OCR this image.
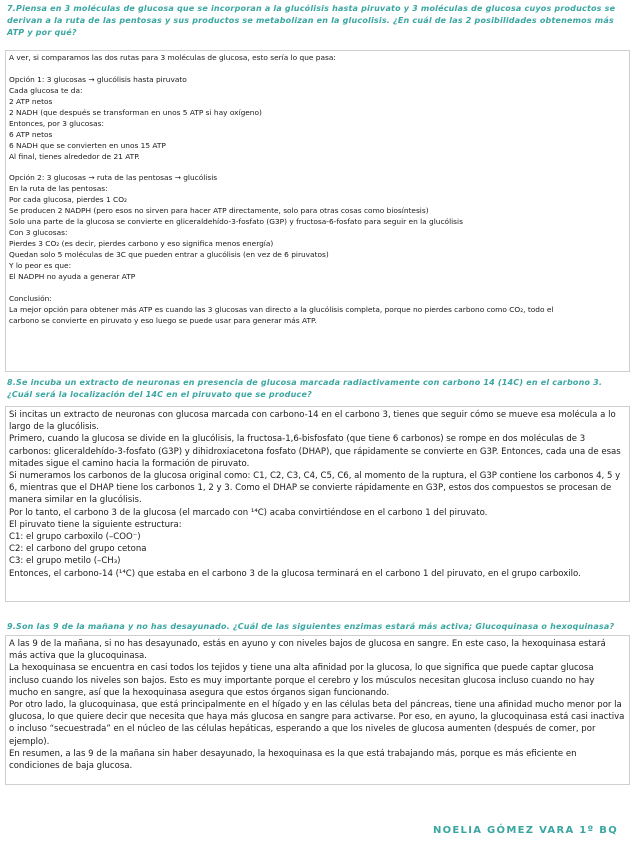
7.Piensa en 3 moléculas de glucosa que se incorporan a la glucólisis hasta piruvato y 3 moléculas de glucosa cuyos productos se derivan a la ruta de las pentosas y sus productos se metabolizan en la glucolisis. ¿En cuál de las 2 posibilidades obtenemos más ATP y por qué?

A ver, si comparamos las dos rutas para 3 moléculas de glucosa, esto sería lo que pasa:

Opción 1: 3 glucosas → glucólisis hasta piruvato
Cada glucosa te da:
2 ATP netos
2 NADH (que después se transforman en unos 5 ATP si hay oxígeno)
Entonces, por 3 glucosas:
6 ATP netos
6 NADH que se convierten en unos 15 ATP
Al final, tienes alrededor de 21 ATP.

Opción 2: 3 glucosas → ruta de las pentosas → glucólisis
En la ruta de las pentosas:
Por cada glucosa, pierdes 1 CO₂
Se producen 2 NADPH (pero esos no sirven para hacer ATP directamente, solo para otras cosas como biosíntesis)
Solo una parte de la glucosa se convierte en gliceraldehído-3-fosfato (G3P) y fructosa-6-fosfato para seguir en la glucólisis
Con 3 glucosas:
Pierdes 3 CO₂ (es decir, pierdes carbono y eso significa menos energía)
Quedan solo 5 moléculas de 3C que pueden entrar a glucólisis (en vez de 6 piruvatos)
Y lo peor es que:
El NADPH no ayuda a generar ATP

Conclusión:
La mejor opción para obtener más ATP es cuando las 3 glucosas van directo a la glucólisis completa, porque no pierdes carbono como CO₂, todo el
carbono se convierte en piruvato y eso luego se puede usar para generar más ATP.

8.Se incuba un extracto de neuronas en presencia de glucosa marcada radiactivamente con carbono 14 (14C) en el carbono 3. ¿Cuál será la localización del 14C en el piruvato que se produce?

Si incitas un extracto de neuronas con glucosa marcada con carbono-14 en el carbono 3, tienes que seguir cómo se mueve esa molécula a lo largo de la glucólisis.
Primero, cuando la glucosa se divide en la glucólisis, la fructosa-1,6-bisfosfato (que tiene 6 carbonos) se rompe en dos moléculas de 3 carbonos: gliceraldehído-3-fosfato (G3P) y dihidroxiacetona fosfato (DHAP), que rápidamente se convierte en G3P. Entonces, cada una de esas mitades sigue el camino hacia la formación de piruvato.
Si numeramos los carbonos de la glucosa original como: C1, C2, C3, C4, C5, C6, al momento de la ruptura, el G3P contiene los carbonos 4, 5 y 6, mientras que el DHAP tiene los carbonos 1, 2 y 3. Como el DHAP se convierte rápidamente en G3P, estos dos compuestos se procesan de manera similar en la glucólisis.
Por lo tanto, el carbono 3 de la glucosa (el marcado con ¹⁴C) acaba convirtiéndose en el carbono 1 del piruvato.
El piruvato tiene la siguiente estructura:
C1: el grupo carboxilo (–COO⁻)
C2: el carbono del grupo cetona
C3: el grupo metilo (–CH₃)
Entonces, el carbono-14 (¹⁴C) que estaba en el carbono 3 de la glucosa terminará en el carbono 1 del piruvato, en el grupo carboxilo.

9.Son las 9 de la mañana y no has desayunado. ¿Cuál de las siguientes enzimas estará más activa; Glucoquinasa o hexoquinasa?

A las 9 de la mañana, si no has desayunado, estás en ayuno y con niveles bajos de glucosa en sangre. En este caso, la hexoquinasa estará más activa que la glucoquinasa.
La hexoquinasa se encuentra en casi todos los tejidos y tiene una alta afinidad por la glucosa, lo que significa que puede captar glucosa incluso cuando los niveles son bajos. Esto es muy importante porque el cerebro y los músculos necesitan glucosa incluso cuando no hay mucho en sangre, así que la hexoquinasa asegura que estos órganos sigan funcionando.
Por otro lado, la glucoquinasa, que está principalmente en el hígado y en las células beta del páncreas, tiene una afinidad mucho menor por la glucosa, lo que quiere decir que necesita que haya más glucosa en sangre para activarse. Por eso, en ayuno, la glucoquinasa está casi inactiva o incluso “secuestrada” en el núcleo de las células hepáticas, esperando a que los niveles de glucosa aumenten (después de comer, por ejemplo).
En resumen, a las 9 de la mañana sin haber desayunado, la hexoquinasa es la que está trabajando más, porque es más eficiente en condiciones de baja glucosa.

NOELIA GÓMEZ VARA 1º BQ
